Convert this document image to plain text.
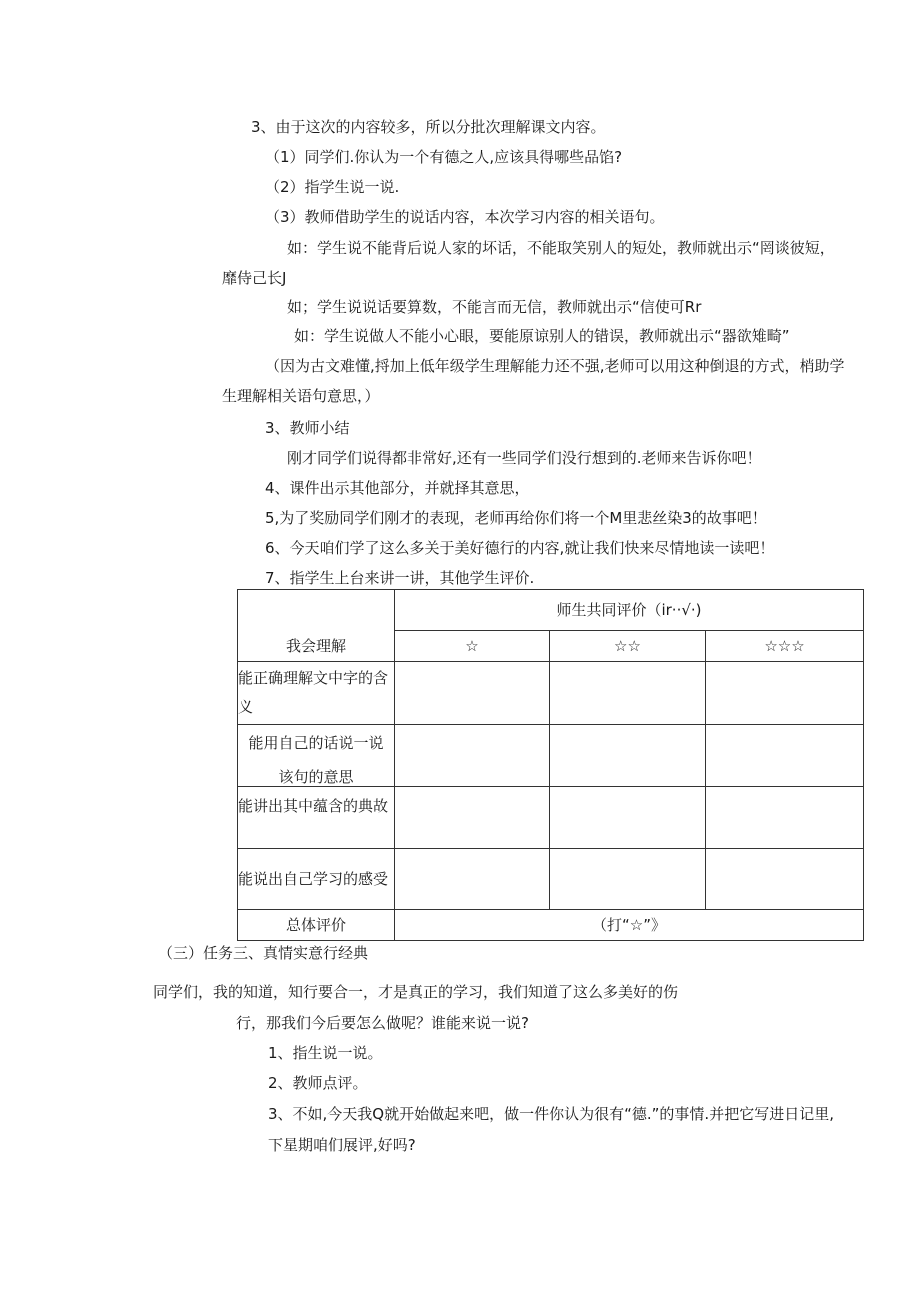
3、由于这次的内容较多，所以分批次理解课文内容。
（1）同学们.你认为一个有德之人,应该具得哪些品馅?
（2）指学生说一说.
（3）教师借助学生的说话内容，本次学习内容的相关语句。
如：学生说不能背后说人家的坏话，不能取笑别人的短处，教师就出示“罔谈彼短，
靡侍己长J
如；学生说说话要算数，不能言而无信，教师就出示“信使可Rr
如：学生说做人不能小心眼，要能原谅别人的错误，教师就出示“器欲雉畸”
（因为古文难懂,捋加上低年级学生理解能力还不强,老师可以用这种倒退的方式，梢助学
生理解相关语句意思，）
3、教师小结
刚才同学们说得都非常好,还有一些同学们没行想到的.老师来告诉你吧！
4、课件出示其他部分，并就择其意思，
5,为了奖励同学们刚才的表现，老师再给你们将一个M里悲丝染3的故事吧！
6、今天咱们学了这么多关于美好德行的内容,就让我们快来尽情地读一读吧！
7、指学生上台来讲一讲，其他学生评价.
我会理解	师生共同评价（ir··√·)		
	☆	☆☆	☆☆☆

能正确理解文中字的含义			

能用自己的话说一说该句的意思			

能讲出其中蕴含的典故			
能说出自己学习的感受			
总体评价	（打“☆”》		
（三）任务三、真情实意行经典
同学们，我的知道，知行要合一，才是真正的学习，我们知道了这么多美好的伤
行，那我们今后要怎么做呢？谁能来说一说?
1、指生说一说。
2、教师点评。
3、不如,今天我Q就开始做起来吧，做一件你认为很有“德.”的事情.并把它写进日记里,
下星期咱们展评,好吗?
